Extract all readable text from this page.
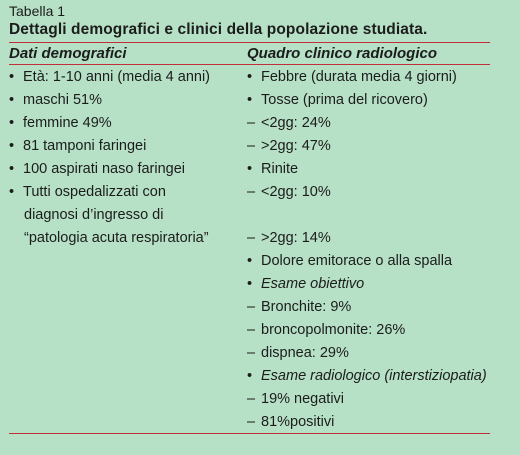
Tabella 1
Dettagli demografici e clinici della popolazione studiata.
Dati demografici	Quadro clinico radiologico
• Età: 1-10 anni (media 4 anni)
• maschi 51%
• femmine 49%
• 81 tamponi faringei
• 100 aspirati naso faringei
• Tutti ospedalizzati con
diagnosi d’ingresso di
“patologia acuta respiratoria”
• Febbre (durata media 4 giorni)
• Tosse (prima del ricovero)
– <2gg: 24%
– >2gg: 47%
• Rinite
– <2gg: 10%
– >2gg: 14%
• Dolore emitorace o alla spalla
• Esame obiettivo
– Bronchite: 9%
– broncopolmonite: 26%
– dispnea: 29%
• Esame radiologico (interstiziopatia)
– 19% negativi
– 81%positivi
